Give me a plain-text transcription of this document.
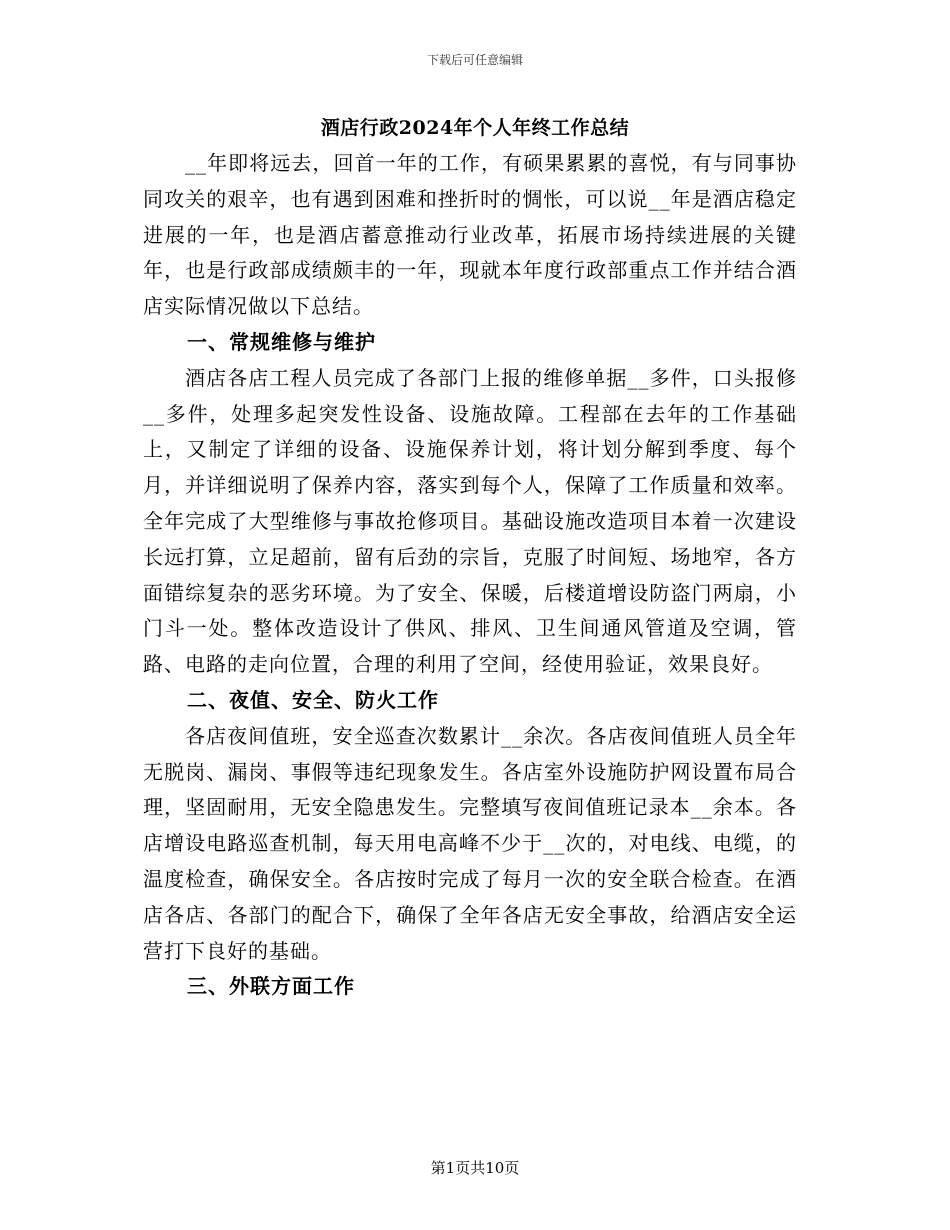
下载后可任意编辑
酒店行政2024年个人年终工作总结

__年即将远去，回首一年的工作，有硕果累累的喜悦，有与同事协同攻关的艰辛，也有遇到困难和挫折时的惆怅，可以说__年是酒店稳定进展的一年，也是酒店蓄意推动行业改革，拓展市场持续进展的关键年，也是行政部成绩颇丰的一年，现就本年度行政部重点工作并结合酒店实际情况做以下总结。

一、常规维修与维护

酒店各店工程人员完成了各部门上报的维修单据__多件，口头报修__多件，处理多起突发性设备、设施故障。工程部在去年的工作基础上，又制定了详细的设备、设施保养计划，将计划分解到季度、每个月，并详细说明了保养内容，落实到每个人，保障了工作质量和效率。全年完成了大型维修与事故抢修项目。基础设施改造项目本着一次建设长远打算，立足超前，留有后劲的宗旨，克服了时间短、场地窄，各方面错综复杂的恶劣环境。为了安全、保暖，后楼道增设防盗门两扇，小门斗一处。整体改造设计了供风、排风、卫生间通风管道及空调，管路、电路的走向位置，合理的利用了空间，经使用验证，效果良好。

二、夜值、安全、防火工作

各店夜间值班，安全巡查次数累计__余次。各店夜间值班人员全年无脱岗、漏岗、事假等违纪现象发生。各店室外设施防护网设置布局合理，坚固耐用，无安全隐患发生。完整填写夜间值班记录本__余本。各店增设电路巡查机制，每天用电高峰不少于__次的，对电线、电缆，的温度检查，确保安全。各店按时完成了每月一次的安全联合检查。在酒店各店、各部门的配合下，确保了全年各店无安全事故，给酒店安全运营打下良好的基础。

三、外联方面工作

第1页共10页
